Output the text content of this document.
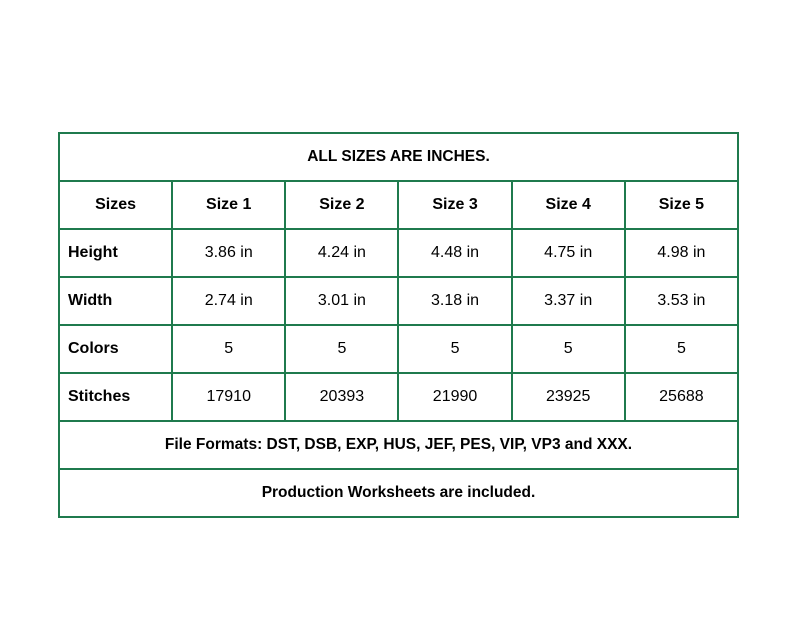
ALL SIZES ARE INCHES.					
Sizes	Size 1	Size 2	Size 3	Size 4	Size 5
Height	3.86 in	4.24 in	4.48 in	4.75 in	4.98 in
Width	2.74 in	3.01 in	3.18 in	3.37 in	3.53 in
Colors	5	5	5	5	5
Stitches	17910	20393	21990	23925	25688
File Formats: DST, DSB, EXP, HUS, JEF, PES, VIP, VP3 and XXX.					
Production Worksheets are included.					
